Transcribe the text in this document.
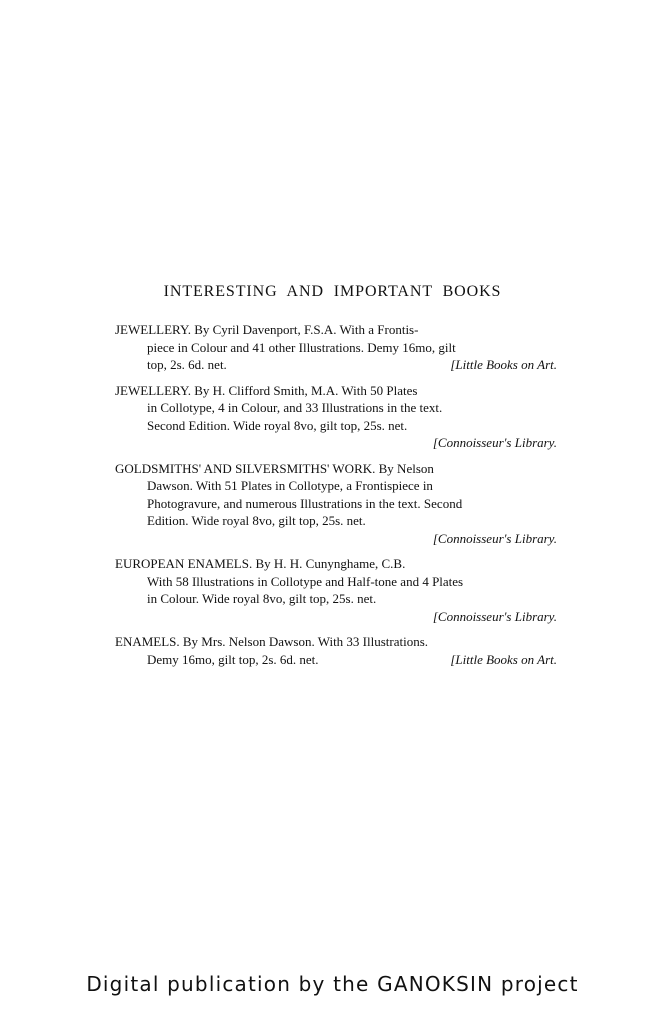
INTERESTING AND IMPORTANT BOOKS
JEWELLERY. By Cyril Davenport, F.S.A. With a Frontis-
piece in Colour and 41 other Illustrations. Demy 16mo, gilt
top, 2s. 6d. net.	[Little Books on Art.
JEWELLERY. By H. Clifford Smith, M.A. With 50 Plates
in Collotype, 4 in Colour, and 33 Illustrations in the text.
Second Edition. Wide royal 8vo, gilt top, 25s. net.
[Connoisseur's Library.
GOLDSMITHS' AND SILVERSMITHS' WORK. By Nelson
Dawson. With 51 Plates in Collotype, a Frontispiece in
Photogravure, and numerous Illustrations in the text. Second
Edition. Wide royal 8vo, gilt top, 25s. net.
[Connoisseur's Library.
EUROPEAN ENAMELS. By H. H. Cunynghame, C.B.
With 58 Illustrations in Collotype and Half-tone and 4 Plates
in Colour. Wide royal 8vo, gilt top, 25s. net.
[Connoisseur's Library.
ENAMELS. By Mrs. Nelson Dawson. With 33 Illustrations.
Demy 16mo, gilt top, 2s. 6d. net.	[Little Books on Art.
Digital publication by the GANOKSIN project
